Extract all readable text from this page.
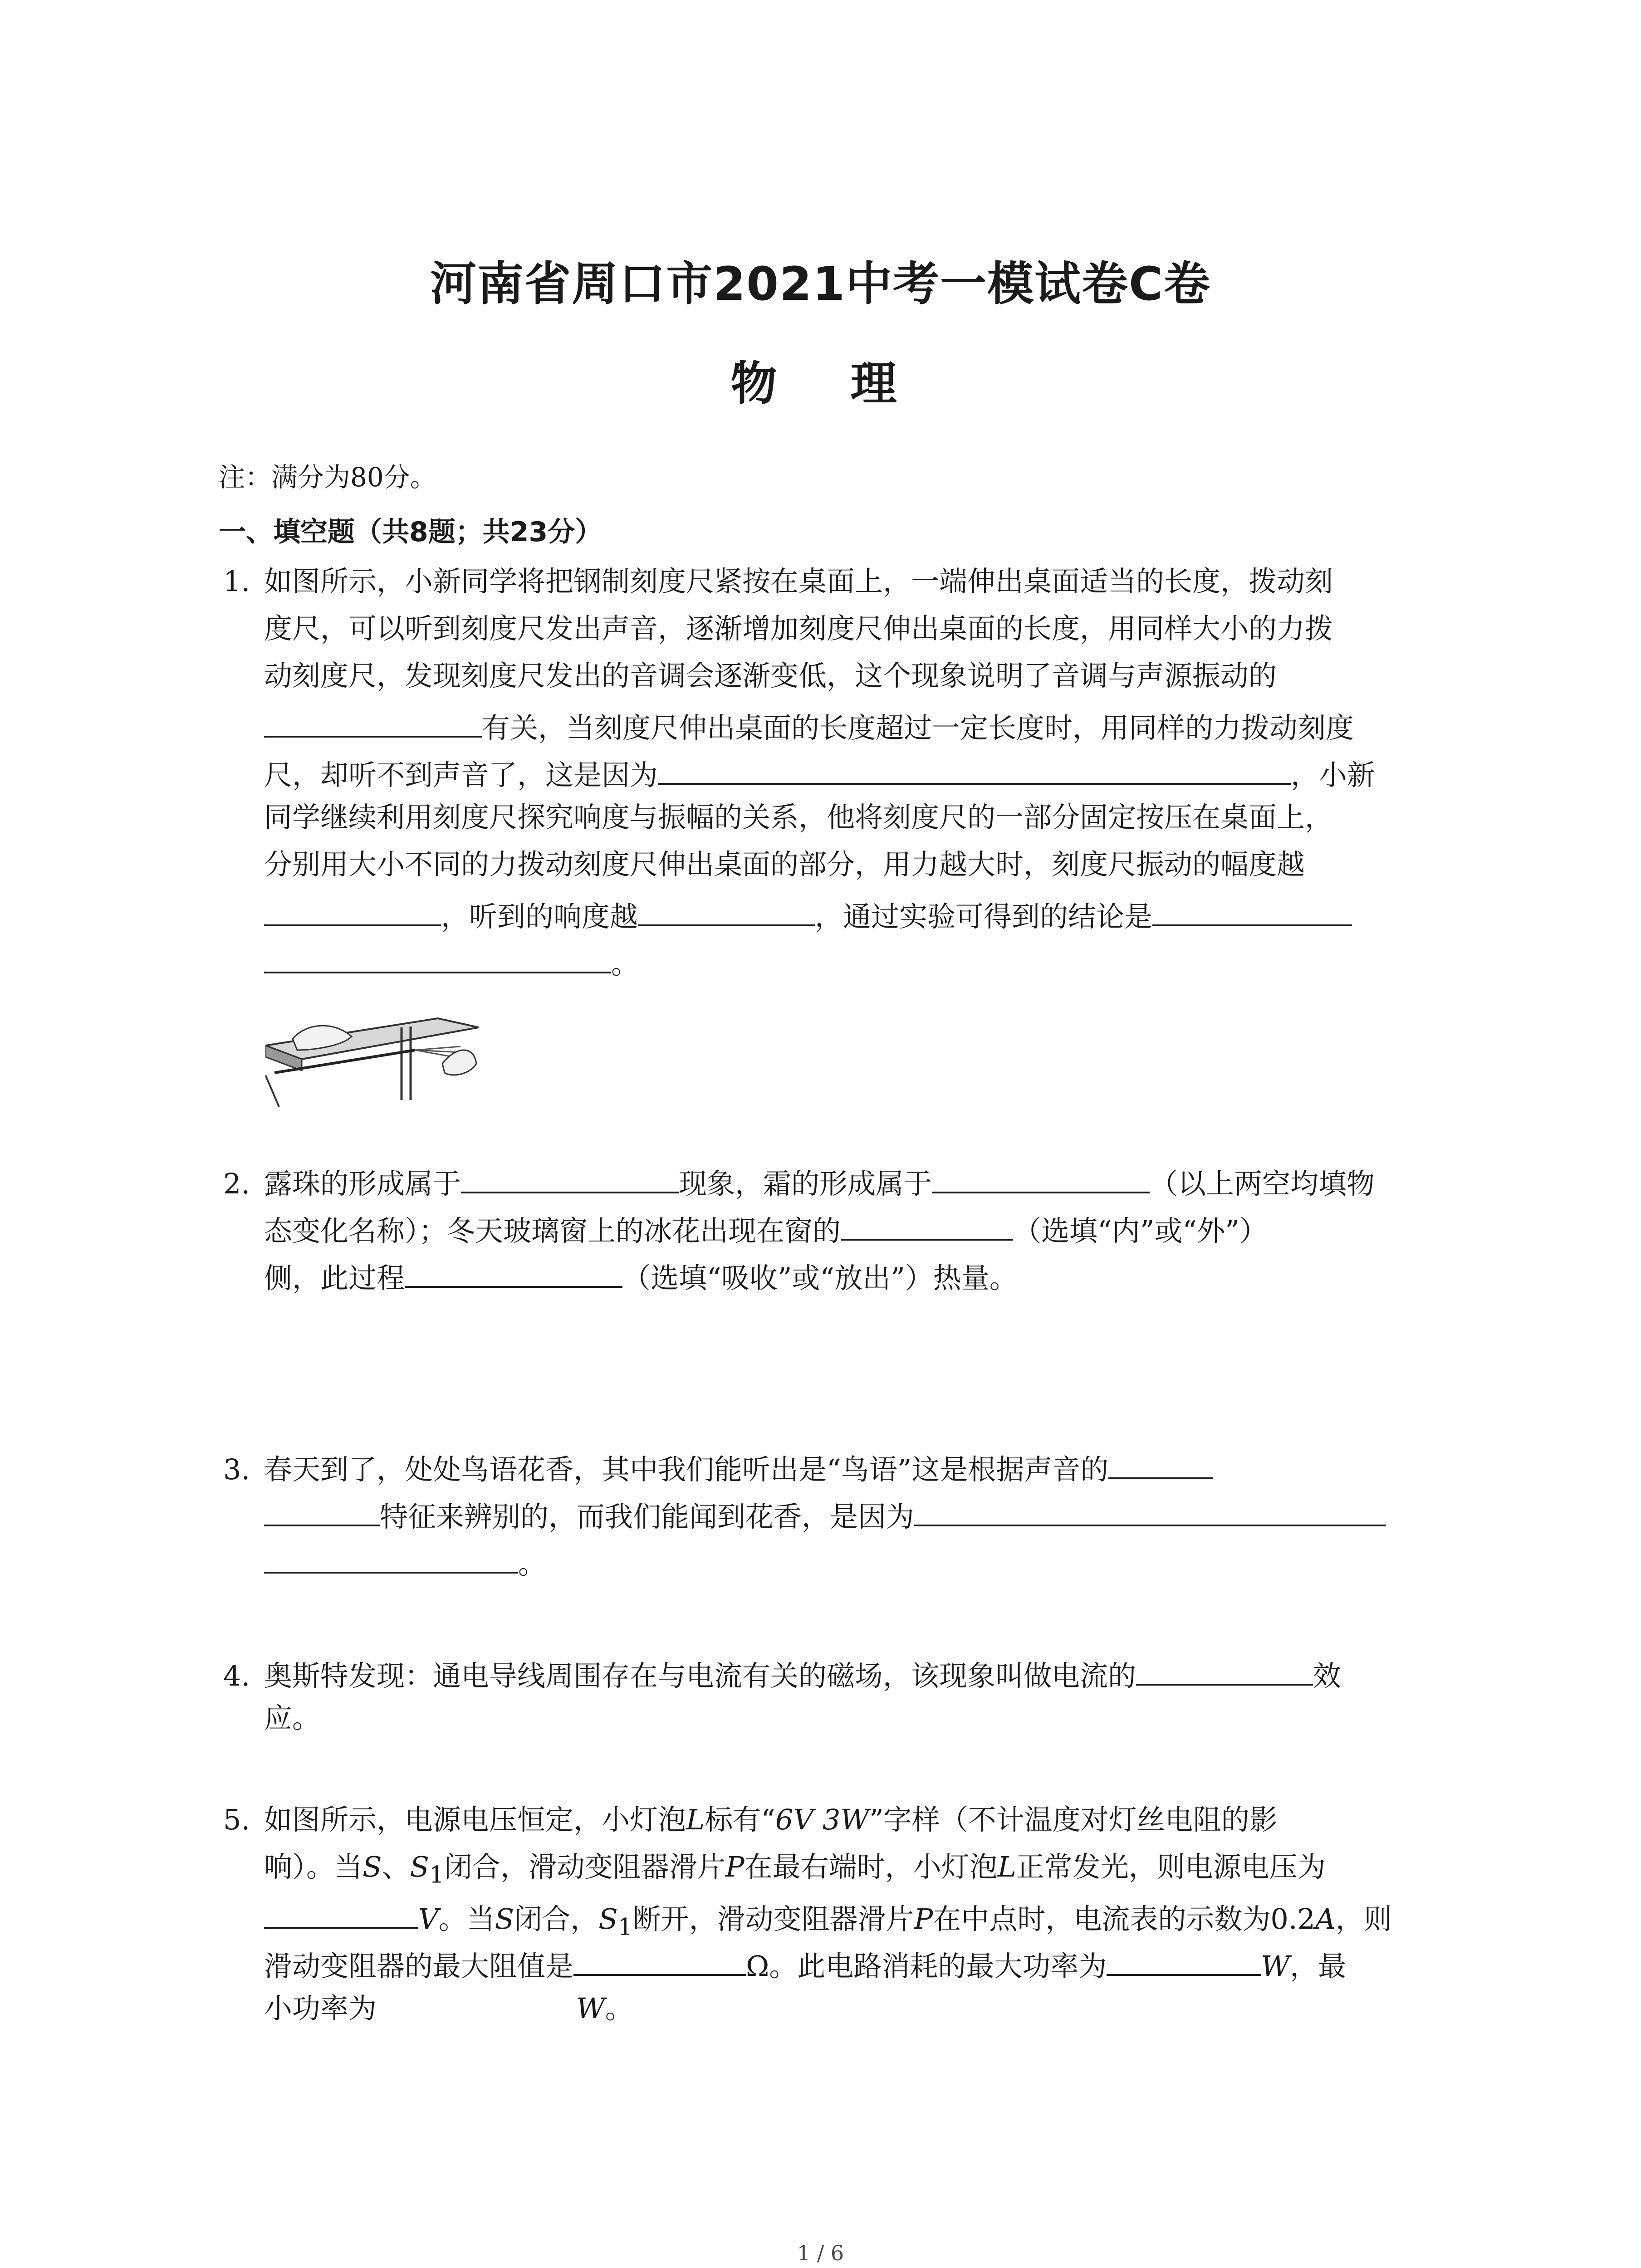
河南省周口市2021中考一模试卷C卷
物　理
注：满分为80分。
一、填空题（共8题；共23分）
1. 如图所示，小新同学将把钢制刻度尺紧按在桌面上，一端伸出桌面适当的长度，拨动刻
度尺，可以听到刻度尺发出声音，逐渐增加刻度尺伸出桌面的长度，用同样大小的力拨
动刻度尺，发现刻度尺发出的音调会逐渐变低，这个现象说明了音调与声源振动的
有关，当刻度尺伸出桌面的长度超过一定长度时，用同样的力拨动刻度
尺，却听不到声音了，这是因为	，小新
同学继续利用刻度尺探究响度与振幅的关系，他将刻度尺的一部分固定按压在桌面上，
分别用大小不同的力拨动刻度尺伸出桌面的部分，用力越大时，刻度尺振动的幅度越
，听到的响度越	，通过实验可得到的结论是
。
2. 露珠的形成属于	现象，霜的形成属于	（以上两空均填物
态变化名称）；冬天玻璃窗上的冰花出现在窗的	（选填“内”或“外”）
侧，此过程	（选填“吸收”或“放出”）热量。
3. 春天到了，处处鸟语花香，其中我们能听出是“鸟语”这是根据声音的
特征来辨别的，而我们能闻到花香，是因为
。
4. 奥斯特发现：通电导线周围存在与电流有关的磁场，该现象叫做电流的	效
应。
5. 如图所示，电源电压恒定，小灯泡L标有“6V 3W”字样（不计温度对灯丝电阻的影
响）。当S、$S_1$闭合，滑动变阻器滑片P在最右端时，小灯泡L正常发光，则电源电压为
V。当S闭合，$S_1$断开，滑动变阻器滑片P在中点时，电流表的示数为0.2A，则
滑动变阻器的最大阻值是	Ω。此电路消耗的最大功率为	W，最
小功率为	W。
1 / 6
